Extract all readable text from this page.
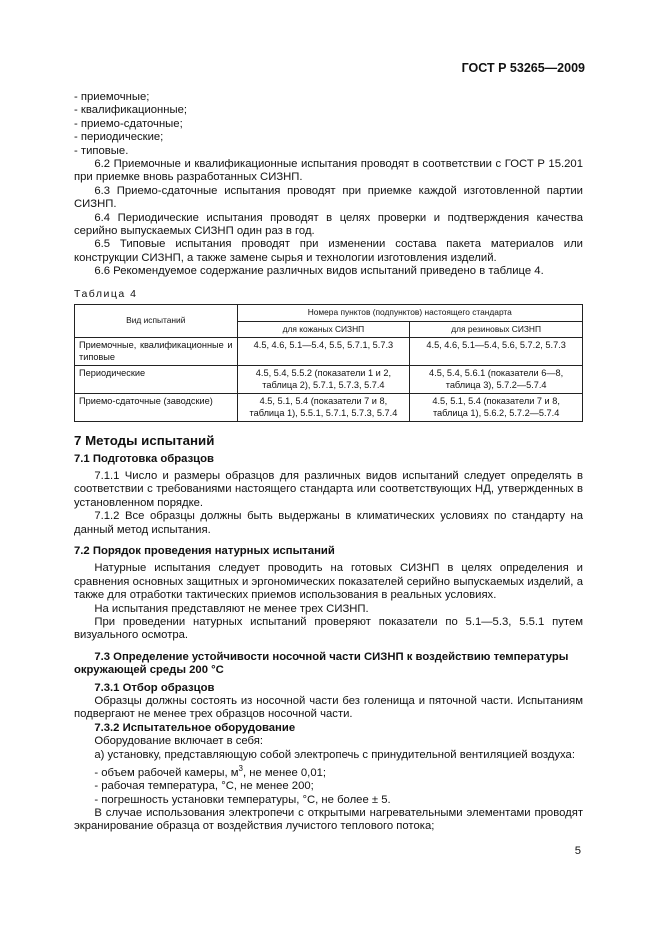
ГОСТ Р 53265—2009

- приемочные;

- квалификационные;

- приемо-сдаточные;

- периодические;

- типовые.

6.2 Приемочные и квалификационные испытания проводят в соответствии с ГОСТ Р 15.201 при приемке вновь разработанных СИЗНП.

6.3 Приемо-сдаточные испытания проводят при приемке каждой изготовленной партии СИЗНП.

6.4 Периодические испытания проводят в целях проверки и подтверждения качества серийно выпускаемых СИЗНП один раз в год.

6.5 Типовые испытания проводят при изменении состава пакета материалов или конструкции СИЗНП, а также замене сырья и технологии изготовления изделий.

6.6 Рекомендуемое содержание различных видов испытаний приведено в таблице 4.

Таблица 4

Вид испытаний	Номера пунктов (подпунктов) настоящего стандарта	
	для кожаных СИЗНП	для резиновых СИЗНП
Приемочные, квалификационные и типовые	4.5, 4.6, 5.1—5.4, 5.5, 5.7.1, 5.7.3	4.5, 4.6, 5.1—5.4, 5.6, 5.7.2, 5.7.3
Периодические	4.5, 5.4, 5.5.2 (показатели 1 и 2, таблица 2), 5.7.1, 5.7.3, 5.7.4	4.5, 5.4, 5.6.1 (показатели 6—8, таблица 3), 5.7.2—5.7.4
Приемо-сдаточные (заводские)	4.5, 5.1, 5.4 (показатели 7 и 8, таблица 1), 5.5.1, 5.7.1, 5.7.3, 5.7.4	4.5, 5.1, 5.4 (показатели 7 и 8, таблица 1), 5.6.2, 5.7.2—5.7.4
7 Методы испытаний
7.1 Подготовка образцов

7.1.1 Число и размеры образцов для различных видов испытаний следует определять в соответствии с требованиями настоящего стандарта или соответствующих НД, утвержденных в установленном порядке.

7.1.2 Все образцы должны быть выдержаны в климатических условиях по стандарту на данный метод испытания.

7.2 Порядок проведения натурных испытаний

Натурные испытания следует проводить на готовых СИЗНП в целях определения и сравнения основных защитных и эргономических показателей серийно выпускаемых изделий, а также для отработки тактических приемов использования в реальных условиях.

На испытания представляют не менее трех СИЗНП.

При проведении натурных испытаний проверяют показатели по 5.1—5.3, 5.5.1 путем визуального осмотра.

7.3 Определение устойчивости носочной части СИЗНП к воздействию температуры окружающей среды 200 °С
7.3.1 Отбор образцов

Образцы должны состоять из носочной части без голенища и пяточной части. Испытаниям подвергают не менее трех образцов носочной части.

7.3.2 Испытательное оборудование

Оборудование включает в себя:

а) установку, представляющую собой электропечь с принудительной вентиляцией воздуха:

- объем рабочей камеры, $м^3$, не менее 0,01;

- рабочая температура, °С, не менее 200;

- погрешность установки температуры, °С, не более ± 5.

В случае использования электропечи с открытыми нагревательными элементами проводят экранирование образца от воздействия лучистого теплового потока;

5
